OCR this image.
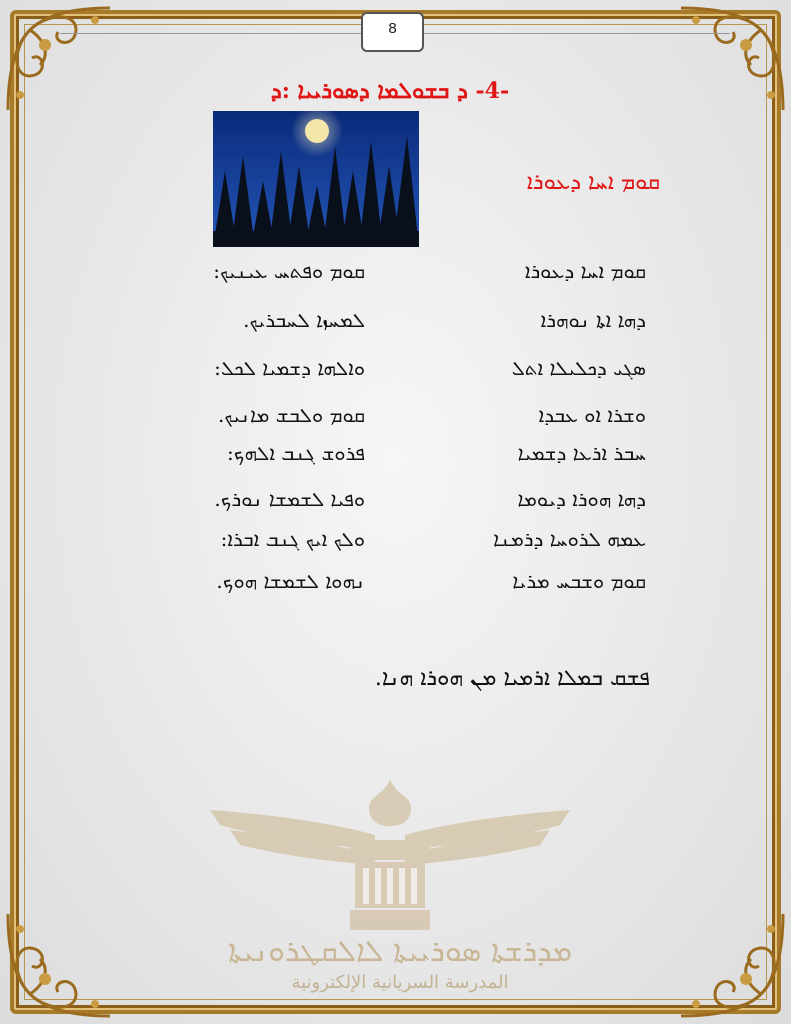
ܡܕܪܫܬܐ ܣܘܪܝܝܬܐ ܠܐܠܩܛܪܘܢܝܬܐ
المدرسة السريانية الإلكترونية
8
-4- ܕ ܒܫܘܠܡܐ ܕܣܘܪܝܝܐ :ܕ
ܩܘܡ ܐܚܐ ܕܥܘܪܐ
ܩܘܡ ܐܚܐ ܕܥܘܪܐ
ܩܘܡ ܘܦܬܚ ܥܝܢܝܟ:
ܕܗܐ ܐܬܐ ܢܘܗܪܐ
ܠܡܚܙܐ ܠܚܒܪܝܟ.
ܣܓܝ ܕܟܠܝܠܐ ܐܬܠ
ܘܐܠܗܐ ܕܫܡܝܐ ܠܟܠ:
ܘܫܪܐ ܐܘ ܥܒܕܐ
ܩܘܡ ܘܠܒܫ ܡܐܢܝܟ.
ܚܒܪ ܐܪܥܐ ܕܫܡܝܐ
ܦܪܘܫ ܓܢܒ ܐܠܗܟ:
ܕܗܐ ܗܘܪܐ ܕܝܘܡܐ
ܘܦܝܐ ܠܫܡܫܐ ܢܘܪܟ.
ܥܡܗ ܠܪܘܚܐ ܕܪܡܢܐ
ܘܠܟ ܐܝܟ ܓܢܒ ܐܒܪܐ:
ܩܘܡ ܘܫܒܚ ܡܪܝܐ
ܢܗܘܐ ܠܫܡܫܐ ܗܘܟ.
ܦܫܩ ܒܡܠܐ ܐܪܡܝܐ ܡܢ ܗܘܪܐ ܗܢܐ.
